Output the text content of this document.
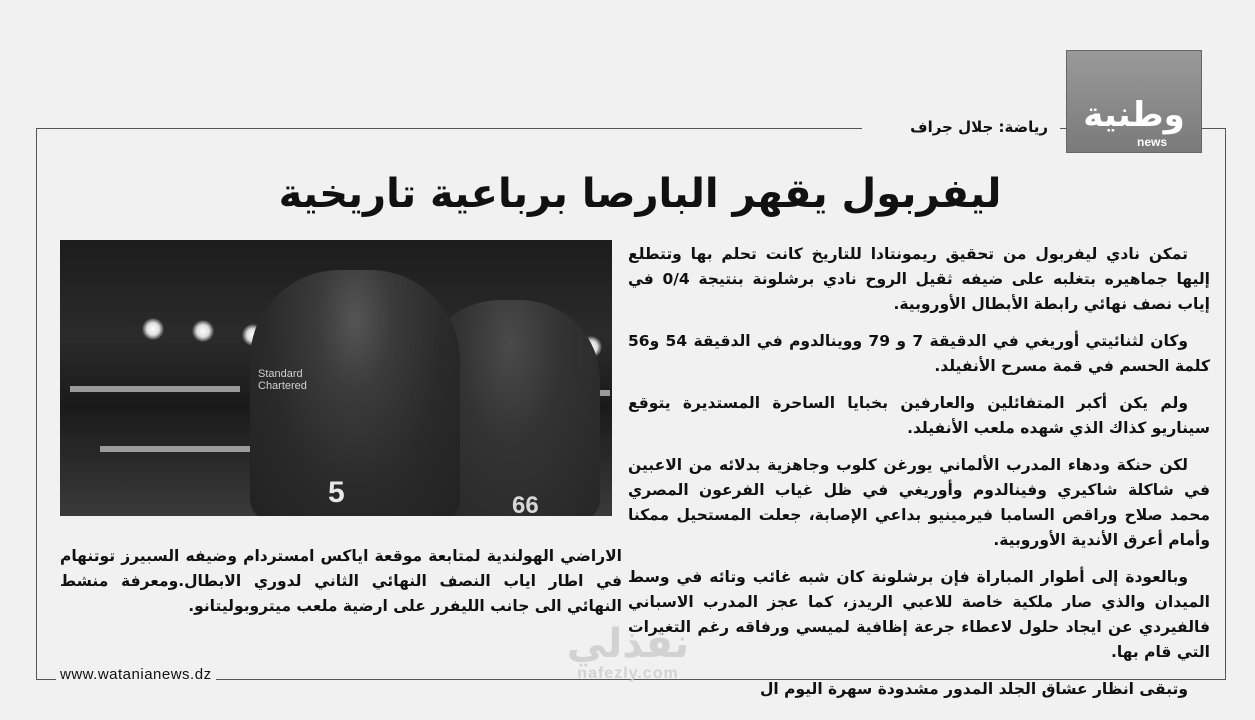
وطنية
news
رياضة: جلال جراف
ليفربول يقهر البارصا برباعية تاريخية
Standard
Chartered
5	66

تمكن نادي ليفربول من تحقيق ريمونتادا للتاريخ كانت تحلم بها وتتطلع إليها جماهيره بتغلبه على ضيفه ثقيل الروح نادي برشلونة بنتيجة 0/4 في إياب نصف نهائي رابطة الأبطال الأوروبية.

وكان لثنائيتي أوريغي في الدقيقة 7 و 79 ووينالدوم في الدقيقة 54 و56 كلمة الحسم في قمة مسرح الأنفيلد.

ولم يكن أكبر المتفائلين والعارفين بخبايا الساحرة المستديرة يتوقع سيناريو كذاك الذي شهده ملعب الأنفيلد.

لكن حنكة ودهاء المدرب الألماني يورغن كلوب وجاهزية بدلائه من الاعبين في شاكلة شاكيري وفينالدوم وأوريغي في ظل غياب الفرعون المصري محمد صلاح وراقص السامبا فيرمينيو بداعي الإصابة، جعلت المستحيل ممكنا وأمام أعرق الأندية الأوروبية.

وبالعودة إلى أطوار المباراة فإن برشلونة كان شبه غائب وتائه في وسط الميدان والذي صار ملكية خاصة للاعبي الريدز، كما عجز المدرب الاسباني فالفيردي عن ايجاد حلول لاعطاء جرعة إظافية لميسي ورفاقه رغم التغيرات التي قام بها.

وتبقى انظار عشاق الجلد المدور مشدودة سهرة اليوم ال

الاراضي الهولندية لمتابعة موقعة اياكس امستردام وضيفه السبيرز توتنهام في اطار اياب النصف النهائي الثاني لدوري الابطال.ومعرفة منشط النهائي الى جانب الليفرر على ارضية ملعب ميتروبوليتانو.

www.watanianews.dz
نفذلي
nafezly.com
